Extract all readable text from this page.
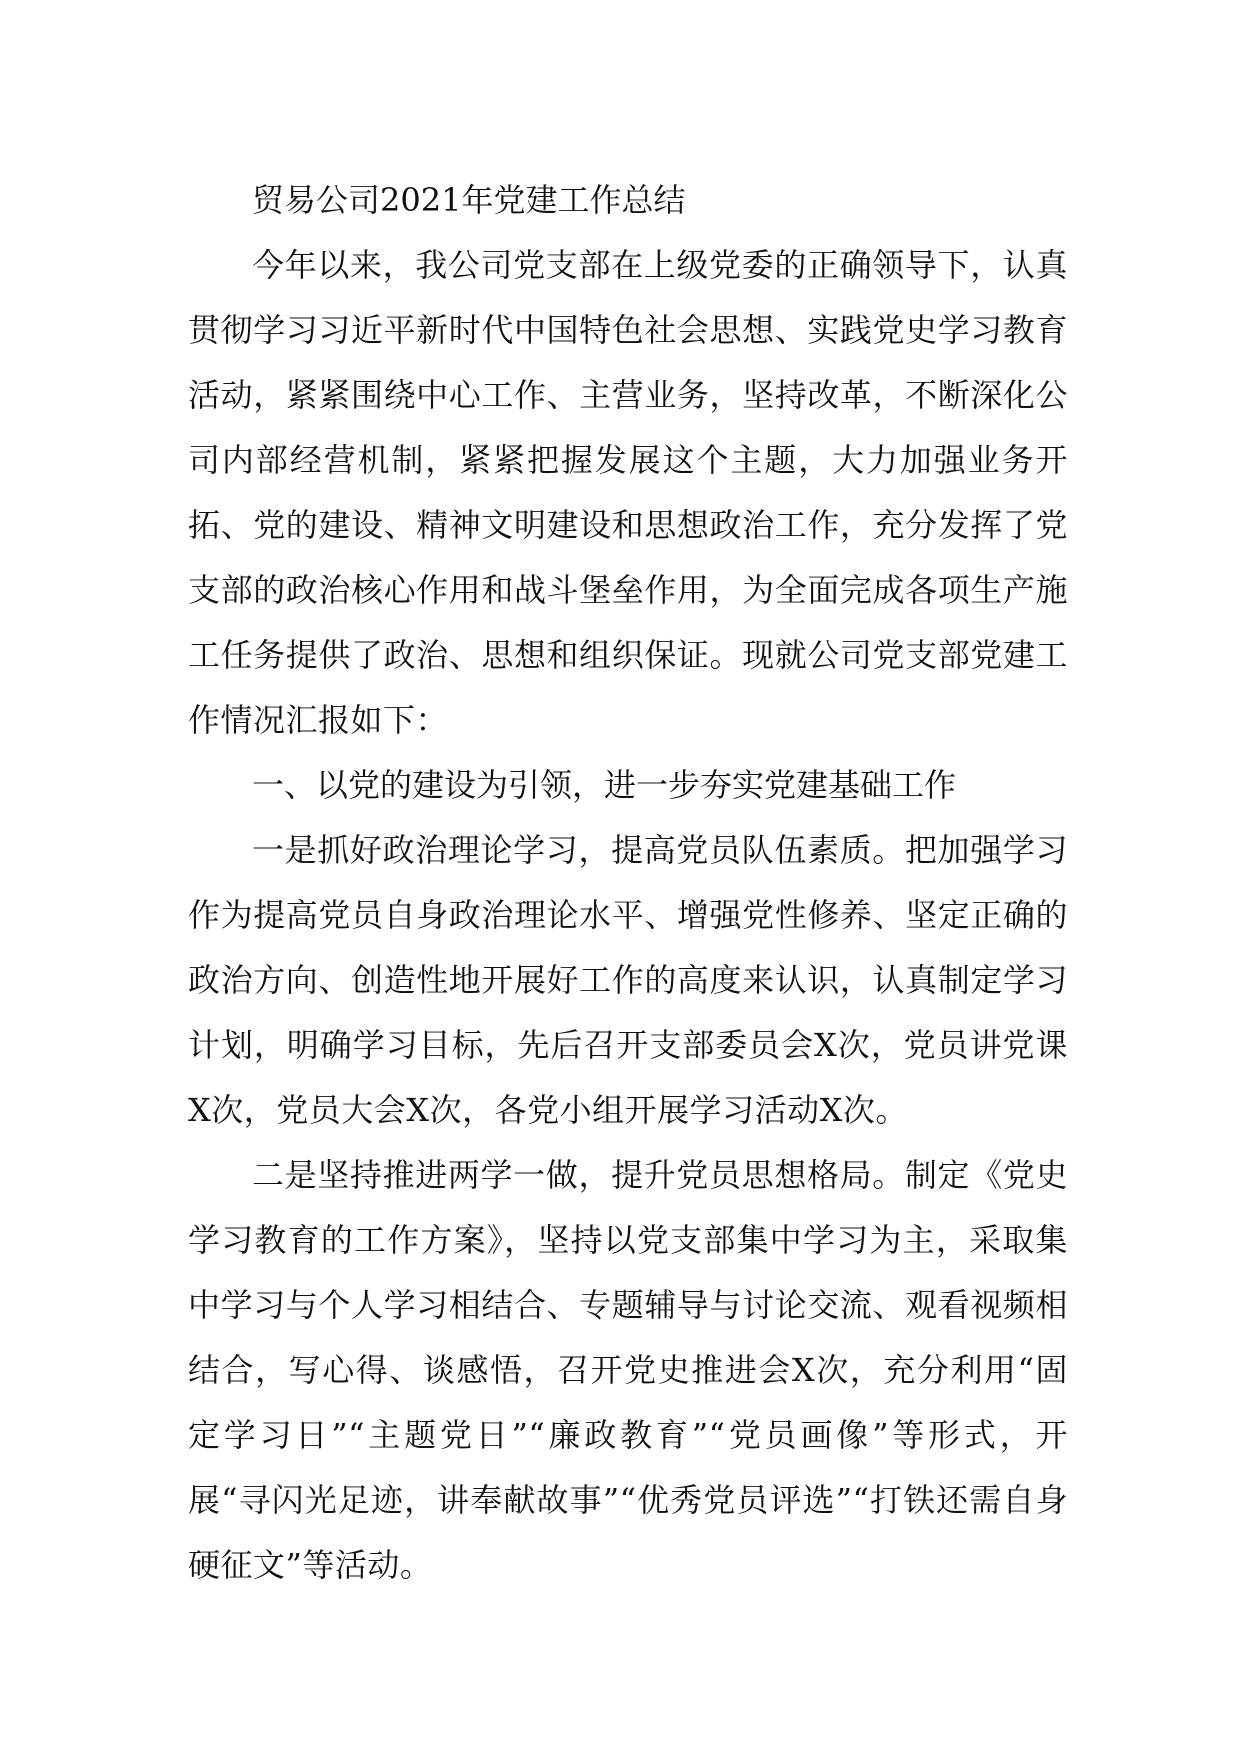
贸易公司2021年党建工作总结

今年以来，我公司党支部在上级党委的正确领导下，认真贯彻学习习近平新时代中国特色社会思想、实践党史学习教育活动，紧紧围绕中心工作、主营业务，坚持改革，不断深化公司内部经营机制，紧紧把握发展这个主题，大力加强业务开拓、党的建设、精神文明建设和思想政治工作，充分发挥了党支部的政治核心作用和战斗堡垒作用，为全面完成各项生产施工任务提供了政治、思想和组织保证。现就公司党支部党建工作情况汇报如下：

一、以党的建设为引领，进一步夯实党建基础工作

一是抓好政治理论学习，提高党员队伍素质。把加强学习作为提高党员自身政治理论水平、增强党性修养、坚定正确的政治方向、创造性地开展好工作的高度来认识，认真制定学习计划，明确学习目标，先后召开支部委员会X次，党员讲党课X次，党员大会X次，各党小组开展学习活动X次。

二是坚持推进两学一做，提升党员思想格局。制定《党史学习教育的工作方案》，坚持以党支部集中学习为主，采取集中学习与个人学习相结合、专题辅导与讨论交流、观看视频相结合，写心得、谈感悟，召开党史推进会X次，充分利用“固定学习日”“主题党日”“廉政教育”“党员画像”等形式，开展“寻闪光足迹，讲奉献故事”“优秀党员评选”“打铁还需自身硬征文”等活动。
